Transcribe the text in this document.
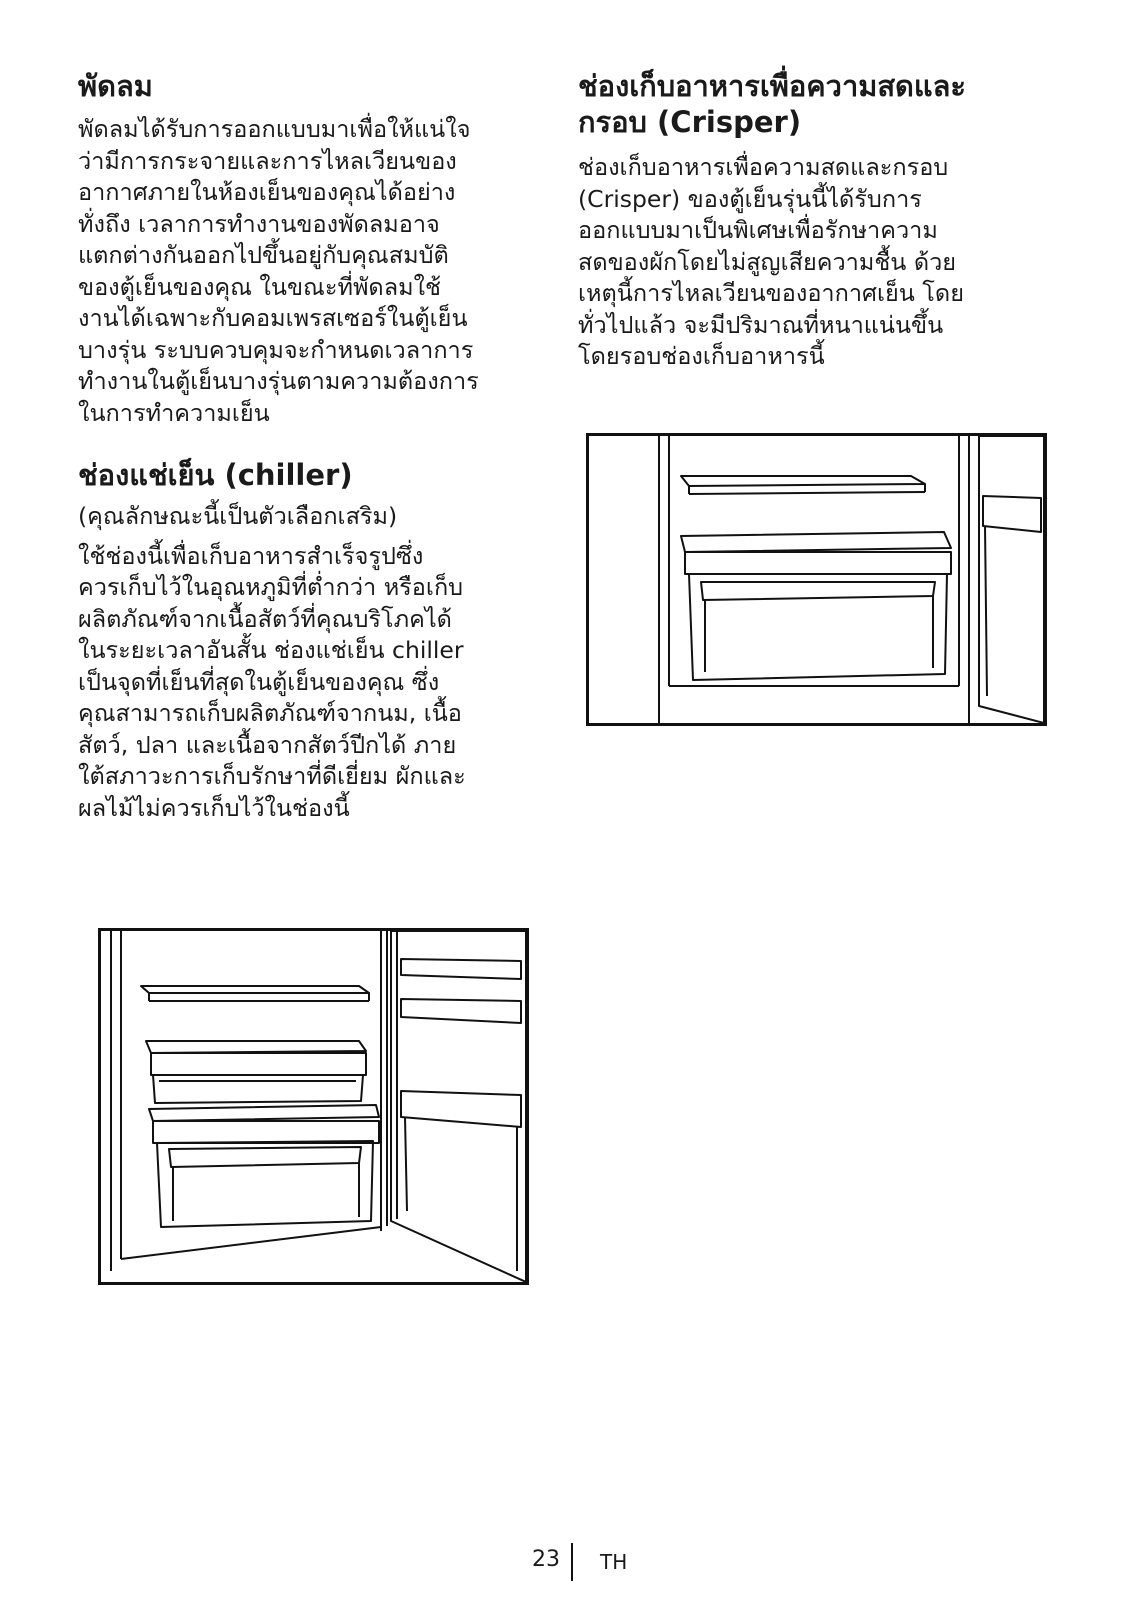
พัดลม

พัดลมได้รับการออกแบบมาเพื่อให้แน่ใจ
ว่ามีการกระจายและการไหลเวียนของ
อากาศภายในห้องเย็นของคุณได้อย่าง
ทั่งถึง เวลาการทำงานของพัดลมอาจ
แตกต่างกันออกไปขึ้นอยู่กับคุณสมบัติ
ของตู้เย็นของคุณ ในขณะที่พัดลมใช้
งานได้เฉพาะกับคอมเพรสเซอร์ในตู้เย็น
บางรุ่น ระบบควบคุมจะกำหนดเวลาการ
ทำงานในตู้เย็นบางรุ่นตามความต้องการ
ในการทำความเย็น

ช่องแช่เย็น (chiller)

(คุณลักษณะนี้เป็นตัวเลือกเสริม)

ใช้ช่องนี้เพื่อเก็บอาหารสำเร็จรูปซึ่ง
ควรเก็บไว้ในอุณหภูมิที่ต่ำกว่า หรือเก็บ
ผลิตภัณฑ์จากเนื้อสัตว์ที่คุณบริโภคได้
ในระยะเวลาอันสั้น ช่องแช่เย็น chiller
เป็นจุดที่เย็นที่สุดในตู้เย็นของคุณ ซึ่ง
คุณสามารถเก็บผลิตภัณฑ์จากนม, เนื้อ
สัตว์, ปลา และเนื้อจากสัตว์ปีกได้ ภาย
ใต้สภาวะการเก็บรักษาที่ดีเยี่ยม ผักและ
ผลไม้ไม่ควรเก็บไว้ในช่องนี้

ช่องเก็บอาหารเพื่อความสดและ
กรอบ (Crisper)

ช่องเก็บอาหารเพื่อความสดและกรอบ
(Crisper) ของตู้เย็นรุ่นนี้ได้รับการ
ออกแบบมาเป็นพิเศษเพื่อรักษาความ
สดของผักโดยไม่สูญเสียความชื้น ด้วย
เหตุนี้การไหลเวียนของอากาศเย็น โดย
ทั่วไปแล้ว จะมีปริมาณที่หนาแน่นขึ้น
โดยรอบช่องเก็บอาหารนี้

23 TH
